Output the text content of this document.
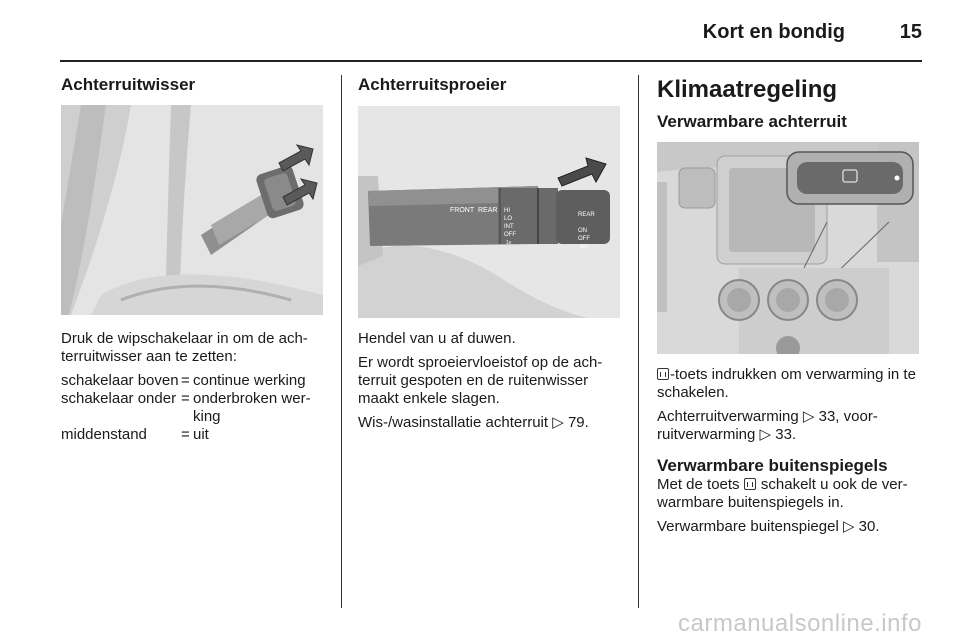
Kort en bondig	15
Achterruitwisser
Druk de wipschakelaar in om de ach-terruitwisser aan te zetten:
schakelaar boven = continue werking
schakelaar onder = onderbroken wer-king
middenstand	= uit
Achterruitsproeier
FRONT REAR HI
LO
INT
OFF
1x
REAR
ON
OFF
INT
Hendel van u af duwen.
Er wordt sproeiervloeistof op de ach-terruit gespoten en de ruitenwisser maakt enkele slagen.
Wis-/wasinstallatie achterruit ▷ 79.
Klimaatregeling
Verwarmbare achterruit
-toets indrukken om verwarming in te schakelen.
Achterruitverwarming ▷ 33, voor- ruitverwarming ▷ 33.
Verwarmbare buitenspiegels
Met de toets schakelt u ook de ver-warmbare buitenspiegels in.
Verwarmbare buitenspiegel ▷ 30.
carmanualsonline.info
